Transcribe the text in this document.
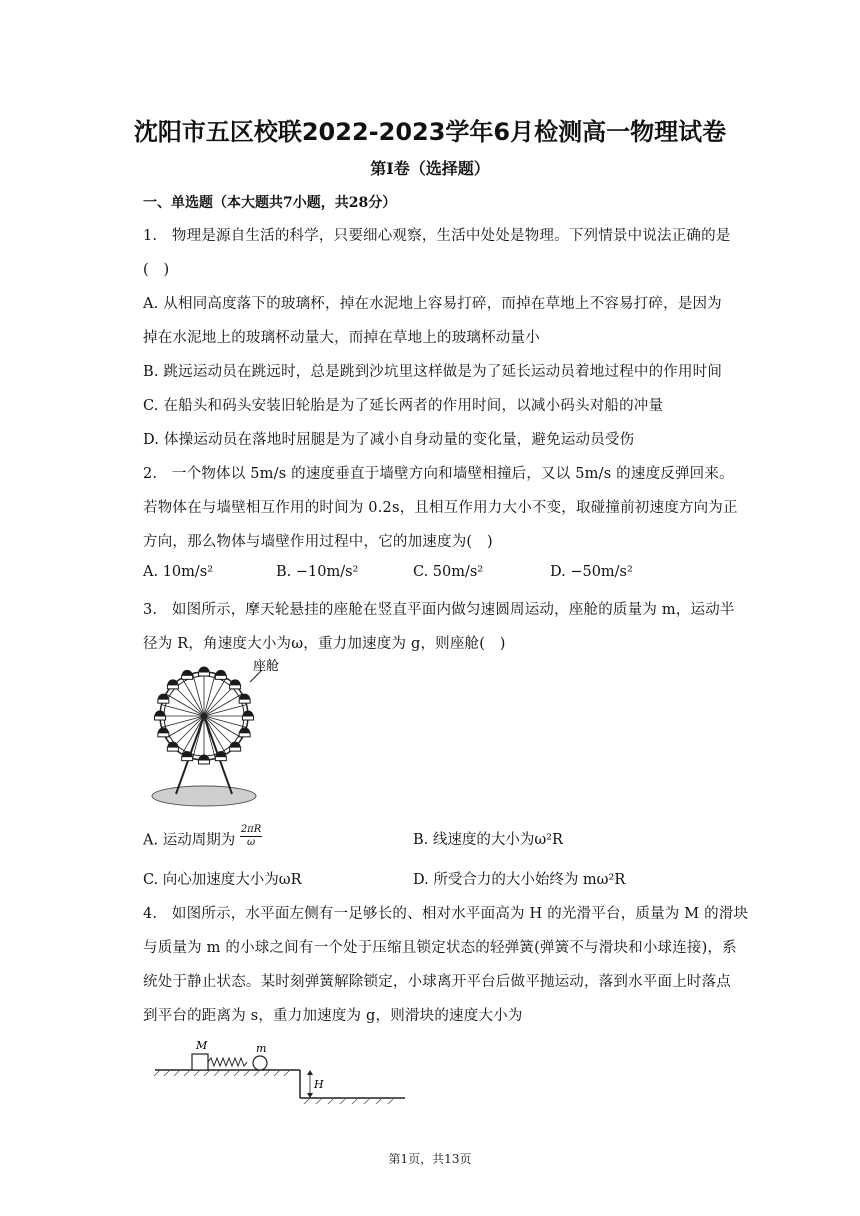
沈阳市五区校联2022-2023学年6月检测高一物理试卷
第I卷（选择题）
一、单选题（本大题共7小题，共28分）
1.　物理是源自生活的科学，只要细心观察，生活中处处是物理。下列情景中说法正确的是
(　)
A. 从相同高度落下的玻璃杯，掉在水泥地上容易打碎，而掉在草地上不容易打碎，是因为
掉在水泥地上的玻璃杯动量大，而掉在草地上的玻璃杯动量小
B. 跳远运动员在跳远时，总是跳到沙坑里这样做是为了延长运动员着地过程中的作用时间
C. 在船头和码头安装旧轮胎是为了延长两者的作用时间，以减小码头对船的冲量
D. 体操运动员在落地时屈腿是为了减小自身动量的变化量，避免运动员受伤
2.　一个物体以 5m/s 的速度垂直于墙壁方向和墙壁相撞后，又以 5m/s 的速度反弹回来。
若物体在与墙壁相互作用的时间为 0.2s，且相互作用力大小不变，取碰撞前初速度方向为正
方向，那么物体与墙壁作用过程中，它的加速度为(　)
A. 10m/s²	B. −10m/s²	C. 50m/s²	D. −50m/s²
3.　如图所示，摩天轮悬挂的座舱在竖直平面内做匀速圆周运动，座舱的质量为 m，运动半
径为 R，角速度大小为ω，重力加速度为 g，则座舱(　)
座舱
A. 运动周期为 $\frac{2\pi R}{\omega}$	B. 线速度的大小为ω²R
C. 向心加速度大小为ωR	D. 所受合力的大小始终为 mω²R
4.　如图所示，水平面左侧有一足够长的、相对水平面高为 H 的光滑平台，质量为 M 的滑块
与质量为 m 的小球之间有一个处于压缩且锁定状态的轻弹簧(弹簧不与滑块和小球连接)，系
统处于静止状态。某时刻弹簧解除锁定，小球离开平台后做平抛运动，落到水平面上时落点
到平台的距离为 s，重力加速度为 g，则滑块的速度大小为
M	m
H
第1页，共13页
